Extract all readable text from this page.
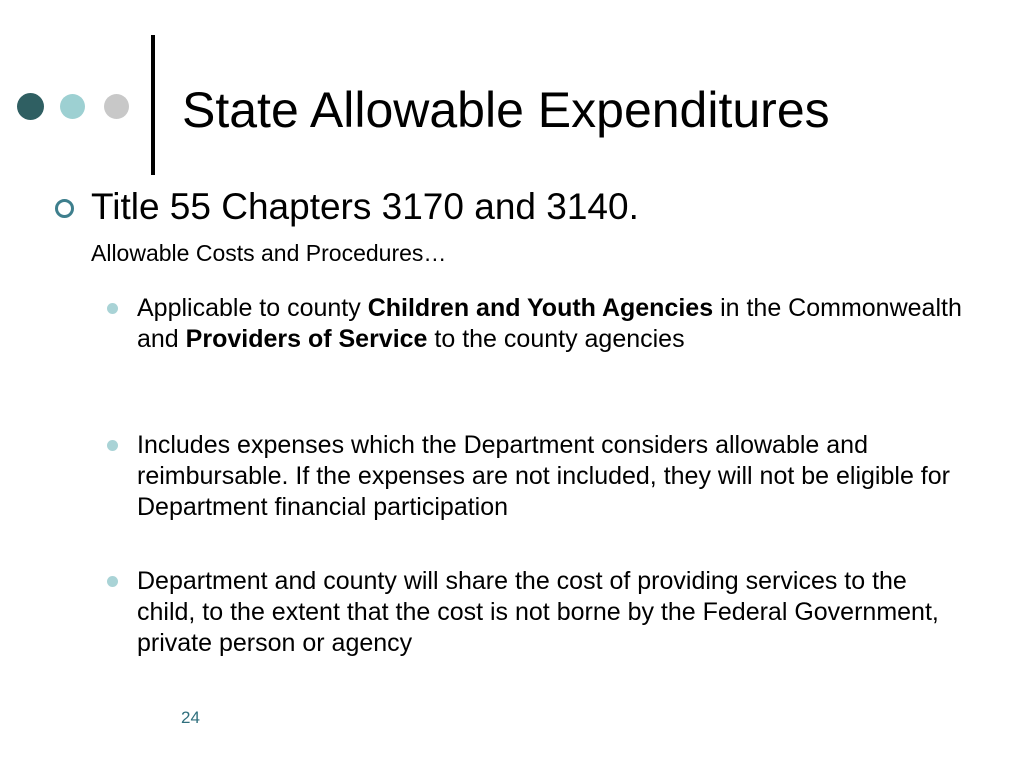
State Allowable Expenditures
Title 55 Chapters 3170 and 3140.
Allowable Costs and Procedures…
Applicable to county Children and Youth Agencies in the Commonwealth and Providers of Service to the county agencies
Includes expenses which the Department considers allowable and reimbursable. If the expenses are not included, they will not be eligible for Department financial participation
Department and county will share the cost of providing services to the child, to the extent that the cost is not borne by the Federal Government, private person or agency
24
